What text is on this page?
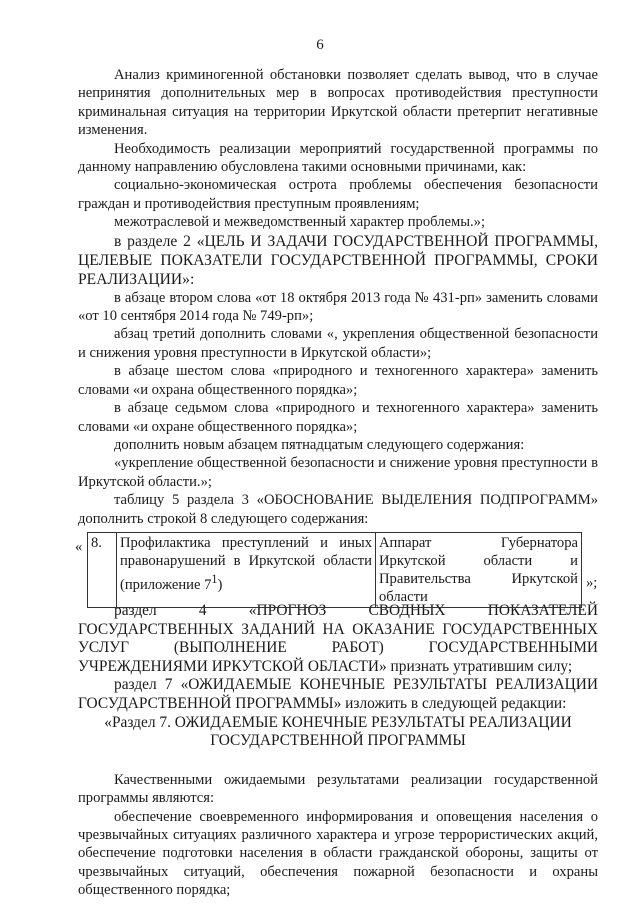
6

Анализ криминогенной обстановки позволяет сделать вывод, что в случае непринятия дополнительных мер в вопросах противодействия преступности криминальная ситуация на территории Иркутской области претерпит негативные изменения.

Необходимость реализации мероприятий государственной программы по данному направлению обусловлена такими основными причинами, как:

социально-экономическая острота проблемы обеспечения безопасности граждан и противодействия преступным проявлениям;

межотраслевой и межведомственный характер проблемы.»;

в разделе 2 «ЦЕЛЬ И ЗАДАЧИ ГОСУДАРСТВЕННОЙ ПРОГРАММЫ, ЦЕЛЕВЫЕ ПОКАЗАТЕЛИ ГОСУДАРСТВЕННОЙ ПРОГРАММЫ, СРОКИ РЕАЛИЗАЦИИ»:

в абзаце втором слова «от 18 октября 2013 года № 431-рп» заменить словами «от 10 сентября 2014 года № 749-рп»;

абзац третий дополнить словами «, укрепления общественной безопасности и снижения уровня преступности в Иркутской области»;

в абзаце шестом слова «природного и техногенного характера» заменить словами «и охрана общественного порядка»;

в абзаце седьмом слова «природного и техногенного характера» заменить словами «и охране общественного порядка»;

дополнить новым абзацем пятнадцатым следующего содержания:

«укрепление общественной безопасности и снижение уровня преступности в Иркутской области.»;

таблицу 5 раздела 3 «ОБОСНОВАНИЕ ВЫДЕЛЕНИЯ ПОДПРОГРАММ» дополнить строкой 8 следующего содержания:

« 8.	Профилактика преступлений и иных правонарушений в Иркутской области (приложение $7^1$)	Аппарат Губернатора Иркутской области и Правительства Иркутской области
»;

раздел 4 «ПРОГНОЗ СВОДНЫХ ПОКАЗАТЕЛЕЙ ГОСУДАРСТВЕННЫХ ЗАДАНИЙ НА ОКАЗАНИЕ ГОСУДАРСТВЕННЫХ УСЛУГ (ВЫПОЛНЕНИЕ РАБОТ) ГОСУДАРСТВЕННЫМИ УЧРЕЖДЕНИЯМИ ИРКУТСКОЙ ОБЛАСТИ» признать утратившим силу;

раздел 7 «ОЖИДАЕМЫЕ КОНЕЧНЫЕ РЕЗУЛЬТАТЫ РЕАЛИЗАЦИИ ГОСУДАРСТВЕННОЙ ПРОГРАММЫ» изложить в следующей редакции:

«Раздел 7. ОЖИДАЕМЫЕ КОНЕЧНЫЕ РЕЗУЛЬТАТЫ РЕАЛИЗАЦИИ

ГОСУДАРСТВЕННОЙ ПРОГРАММЫ

Качественными ожидаемыми результатами реализации государственной программы являются:

обеспечение своевременного информирования и оповещения населения о чрезвычайных ситуациях различного характера и угрозе террористических акций, обеспечение подготовки населения в области гражданской обороны, защиты от чрезвычайных ситуаций, обеспечения пожарной безопасности и охраны общественного порядка;
